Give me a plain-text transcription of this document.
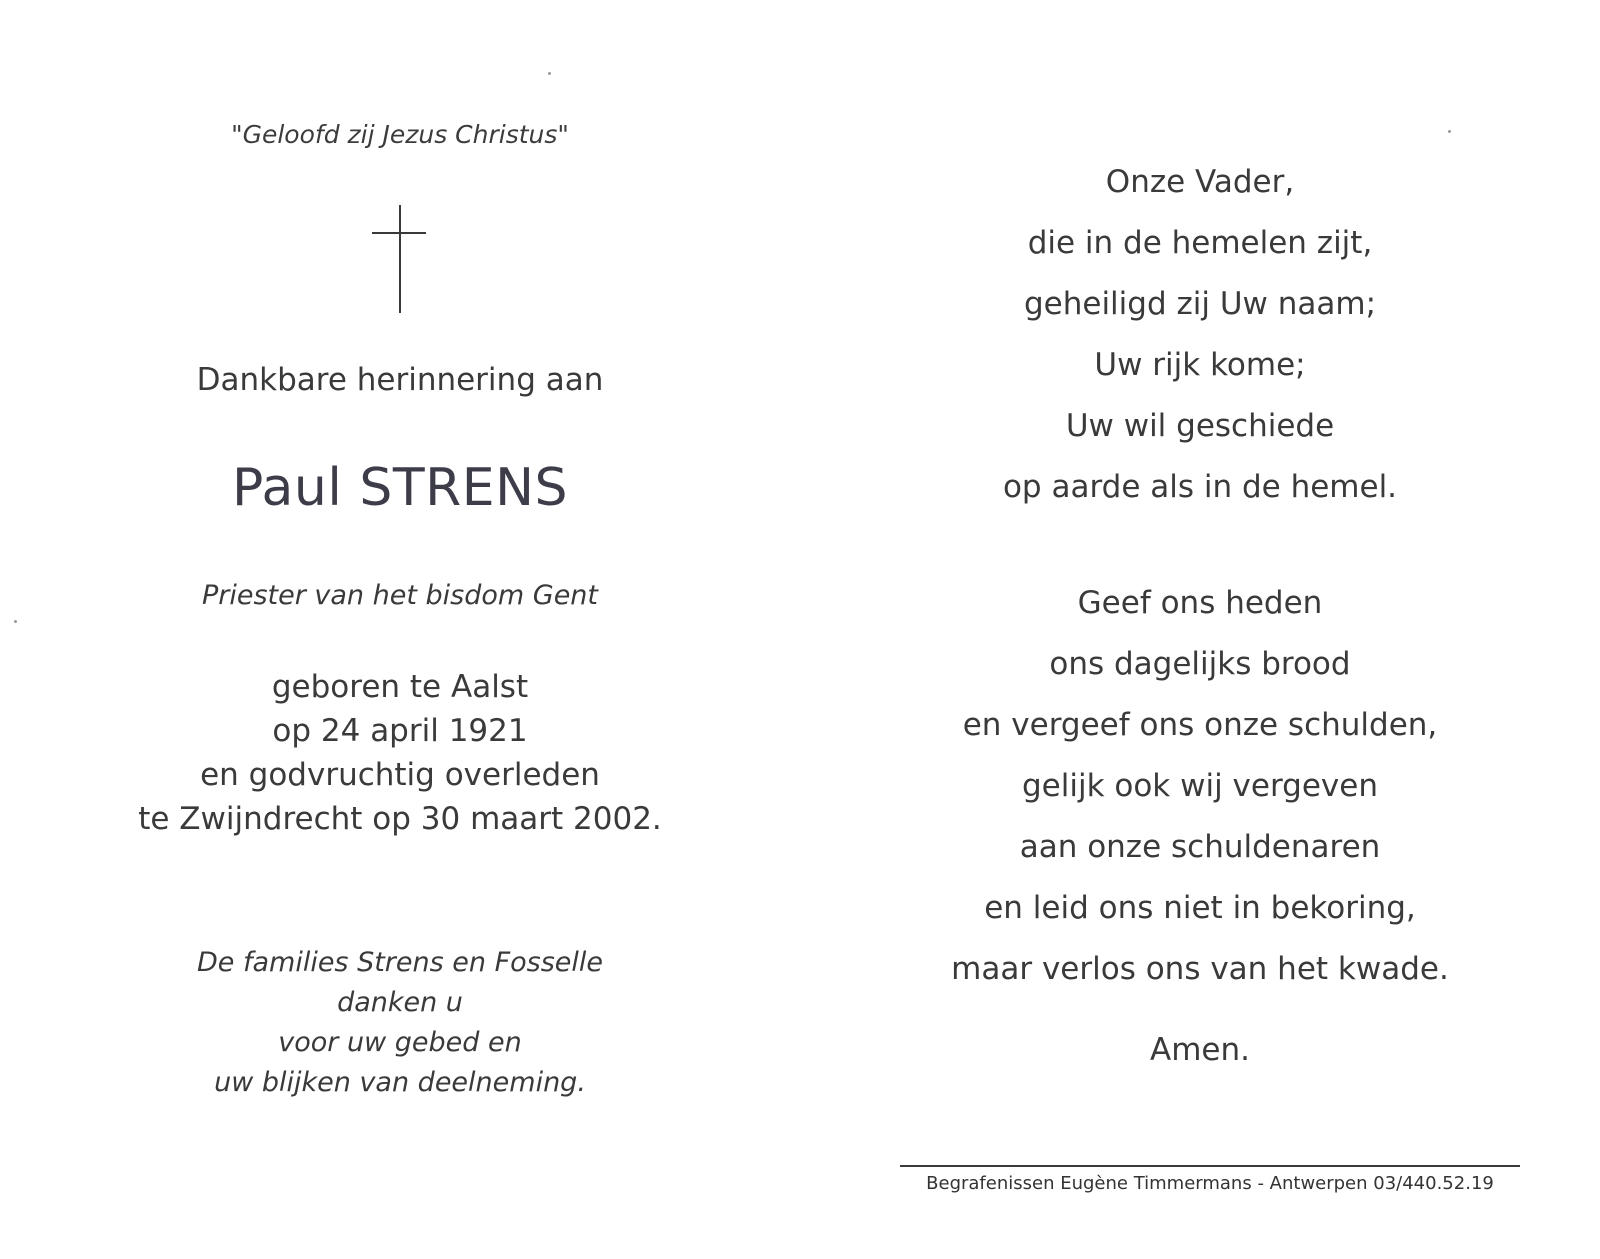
"Geloofd zij Jezus Christus"
Dankbare herinnering aan
Paul STRENS
Priester van het bisdom Gent
geboren te Aalst
op 24 april 1921
en godvruchtig overleden
te Zwijndrecht op 30 maart 2002.
De families Strens en Fosselle
danken u
voor uw gebed en
uw blijken van deelneming.
Onze Vader,
die in de hemelen zijt,
geheiligd zij Uw naam;
Uw rijk kome;
Uw wil geschiede
op aarde als in de hemel.
Geef ons heden
ons dagelijks brood
en vergeef ons onze schulden,
gelijk ook wij vergeven
aan onze schuldenaren
en leid ons niet in bekoring,
maar verlos ons van het kwade.
Amen.
Begrafenissen Eugène Timmermans - Antwerpen 03/440.52.19
